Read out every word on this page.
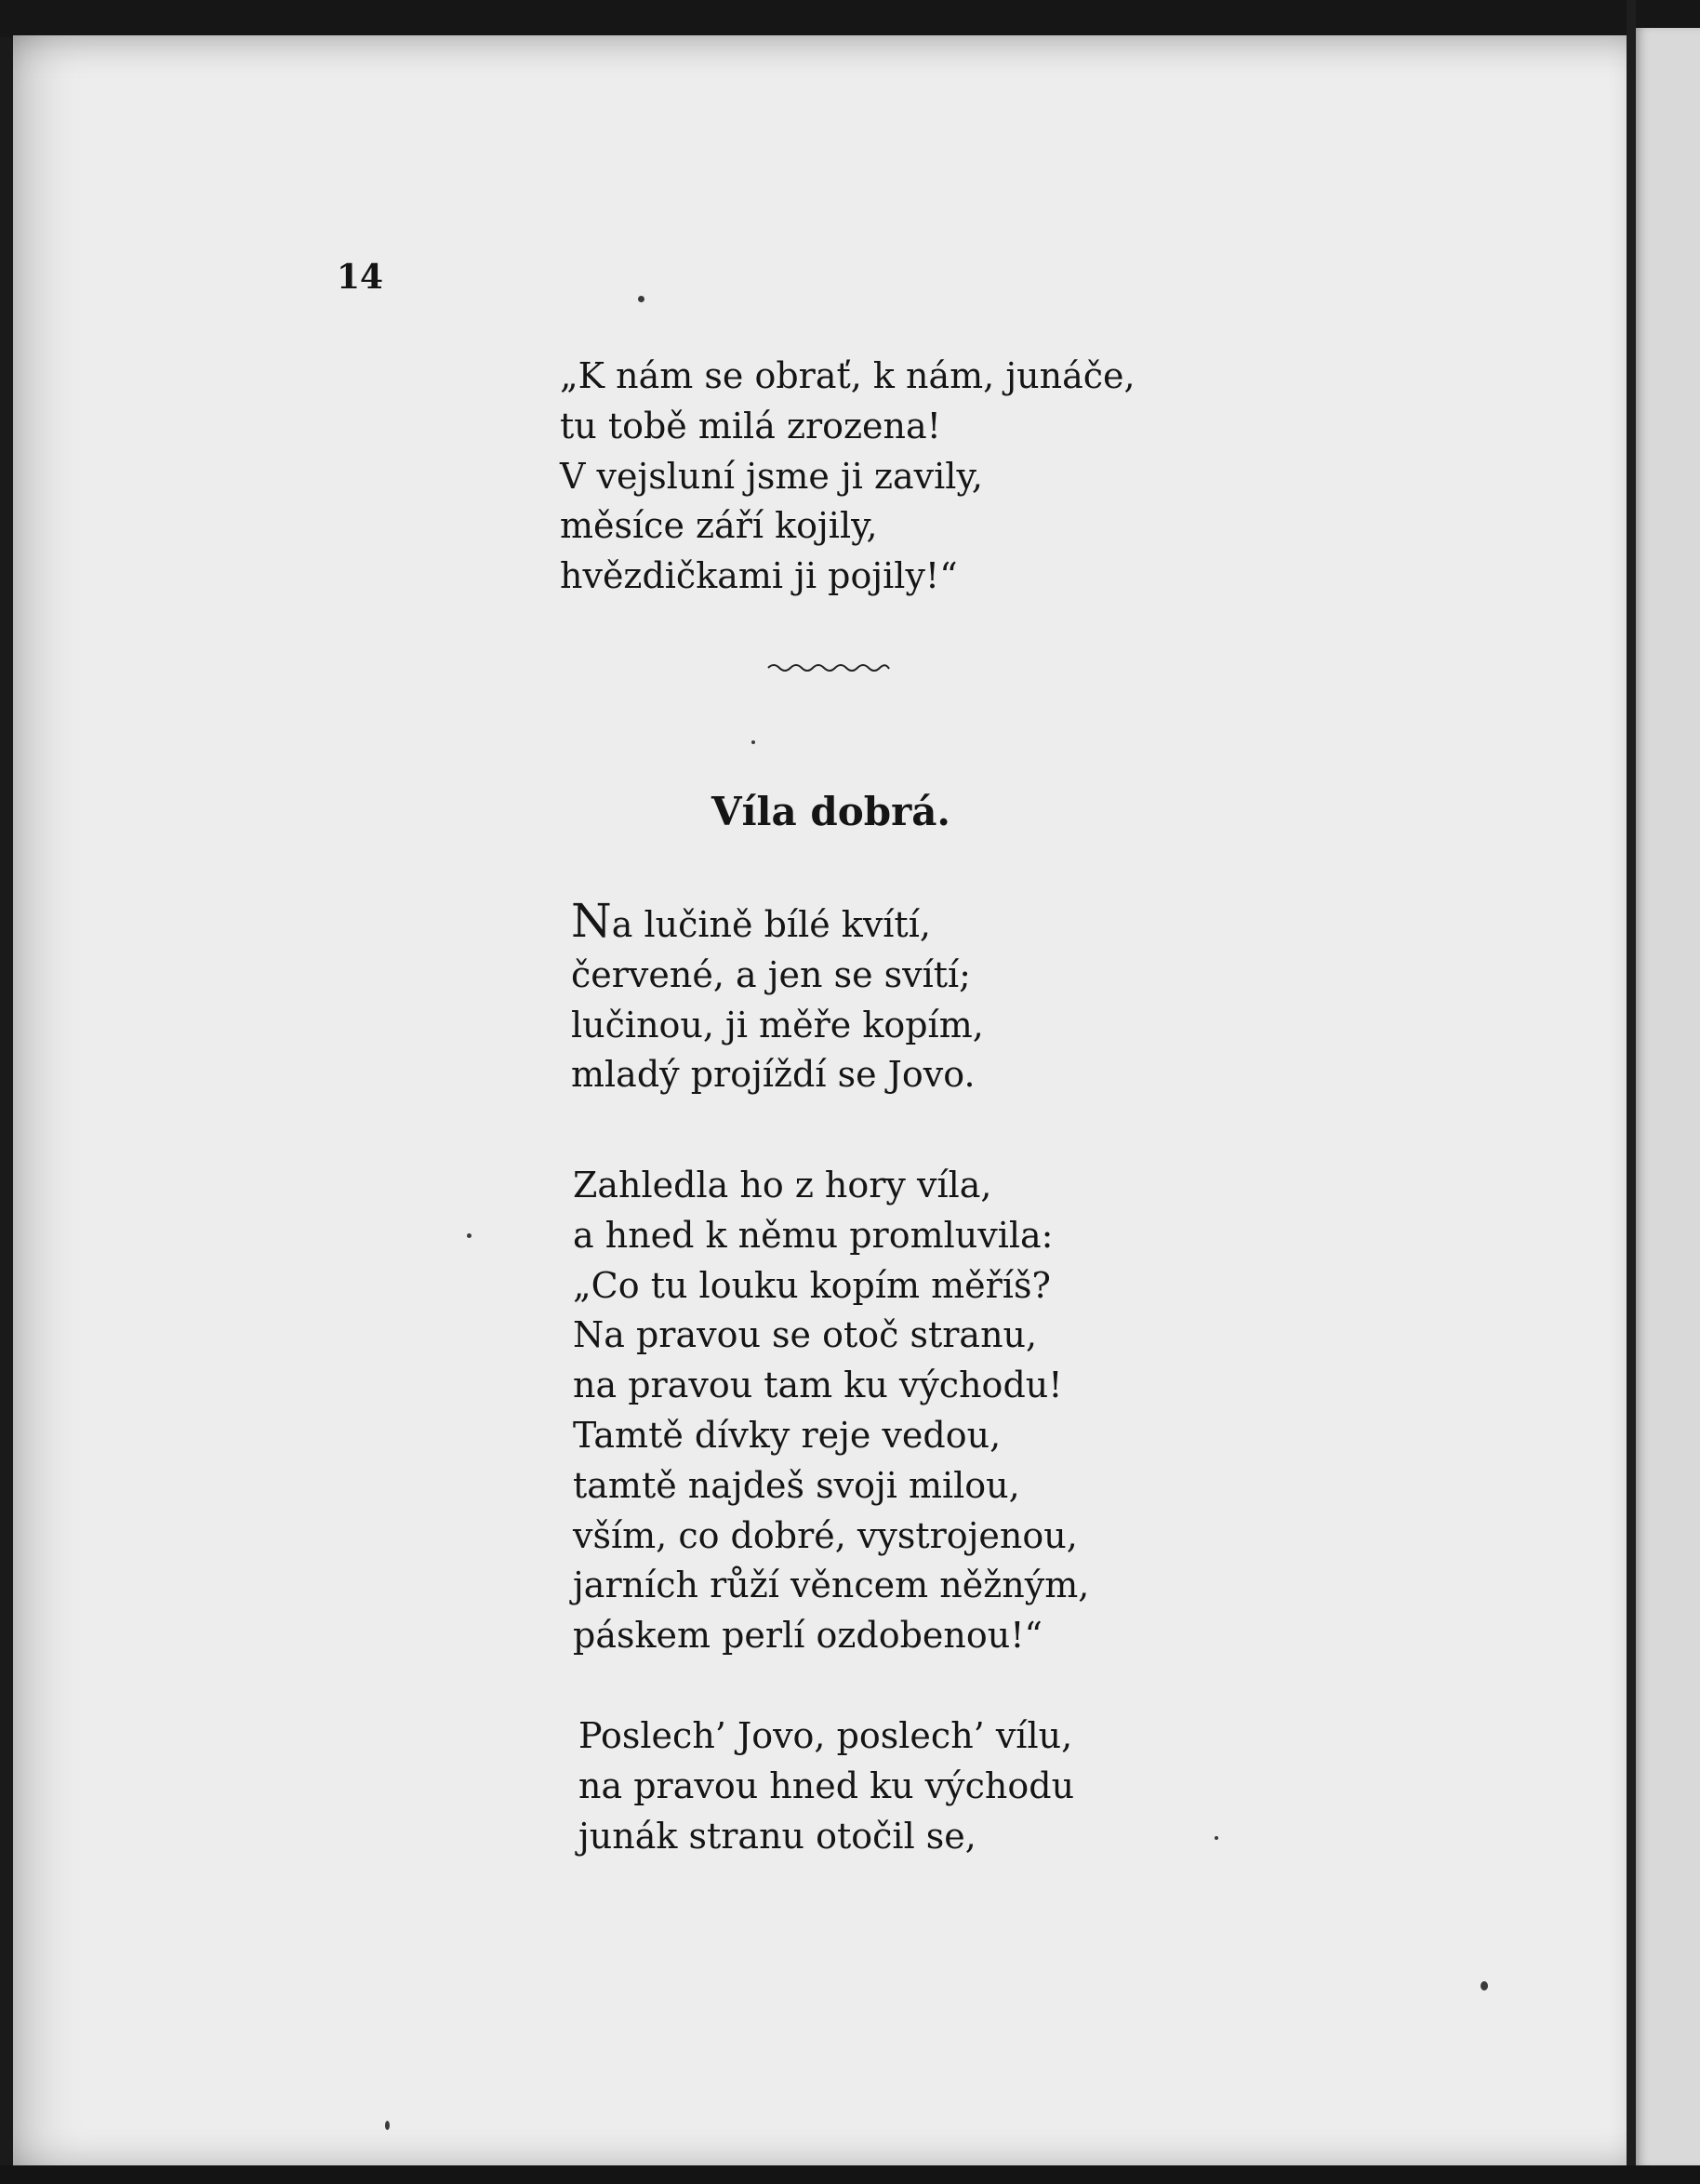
14
„K nám se obrať, k nám, junáče,
tu tobě milá zrozena!
V vejsluní jsme ji zavily,
měsíce září kojily,
hvězdičkami ji pojily!“
Víla dobrá.
Na lučině bílé kvítí,
červené, a jen se svítí;
lučinou, ji měře kopím,
mladý projíždí se Jovo.
Zahledla ho z hory víla,
a hned k němu promluvila:
„Co tu louku kopím měříš?
Na pravou se otoč stranu,
na pravou tam ku východu!
Tamtě dívky reje vedou,
tamtě najdeš svoji milou,
vším, co dobré, vystrojenou,
jarních růží věncem něžným,
páskem perlí ozdobenou!“
Poslech’ Jovo, poslech’ vílu,
na pravou hned ku východu
junák stranu otočil se,
